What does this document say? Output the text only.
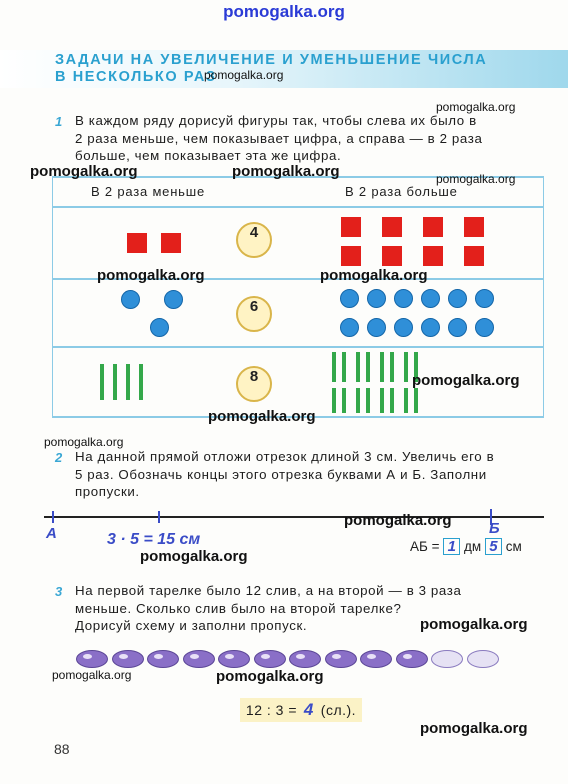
pomogalka.org
ЗАДАЧИ НА УВЕЛИЧЕНИЕ И УМЕНЬШЕНИЕ ЧИСЛА
В НЕСКОЛЬКО РАЗ
1 В каждом ряду дорисуй фигуры так, чтобы слева их было в
2 раза меньше, чем показывает цифра, а справа — в 2 раза
больше, чем показывает эта же цифра.
В 2 раза меньше	В 2 раза больше
4
6
8
2 На данной прямой отложи отрезок длиной 3 см. Увеличь его в
5 раз. Обозначь концы этого отрезка буквами А и Б. Заполни
пропуски.
А	Б
3 · 5 = 15 см	АБ = 1 дм 5 см
3 На первой тарелке было 12 слив, а на второй — в 3 раза
меньше. Сколько слив было на второй тарелке?
Дорисуй схему и заполни пропуск.
12 : 3 = 4 (сл.).
88
pomogalka.org
pomogalka.org
pomogalka.org	pomogalka.org	pomogalka.org
pomogalka.org	pomogalka.org
pomogalka.org
pomogalka.org
pomogalka.org
pomogalka.org
pomogalka.org
pomogalka.org
pomogalka.org	pomogalka.org
pomogalka.org
